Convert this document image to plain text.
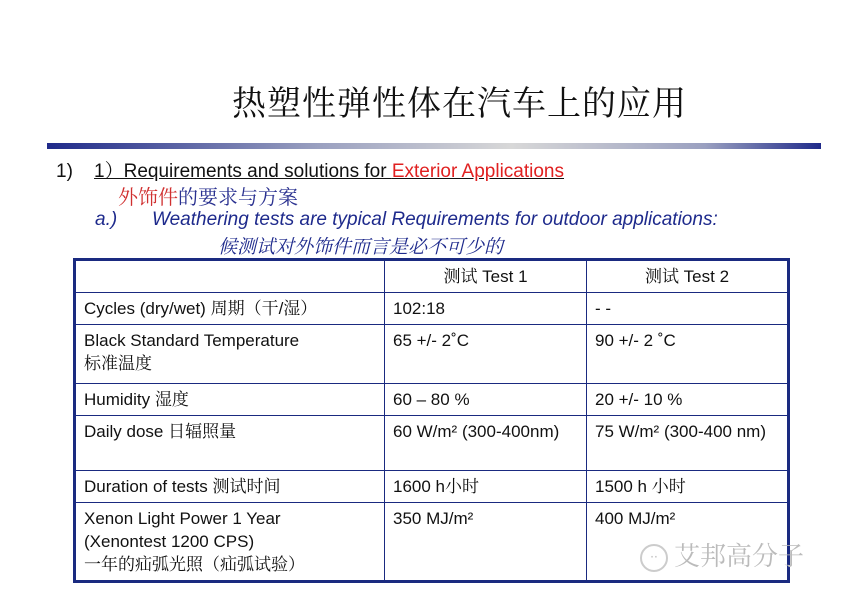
热塑性弹性体在汽车上的应用
1) 1）Requirements and solutions for Exterior Applications
外饰件的要求与方案
a.) Weathering tests are typical Requirements for outdoor applications:
候测试对外饰件而言是必不可少的
	测试 Test 1	测试 Test 2
Cycles (dry/wet) 周期（干/湿）	102:18	- -

Black Standard Temperature
标准温度	65 +/- 2˚C	90 +/- 2 ˚C
Humidity 湿度	60 – 80 %	20 +/- 10 %
Daily dose 日辐照量	60 W/m² (300-400nm)	75 W/m² (300-400 nm)
Duration of tests 测试时间	1600 h小时	1500 h 小时

Xenon Light Power 1 Year
(Xenontest 1200 CPS)
一年的疝弧光照（疝弧试验）	350 MJ/m²	400 MJ/m²
·· 艾邦高分子
